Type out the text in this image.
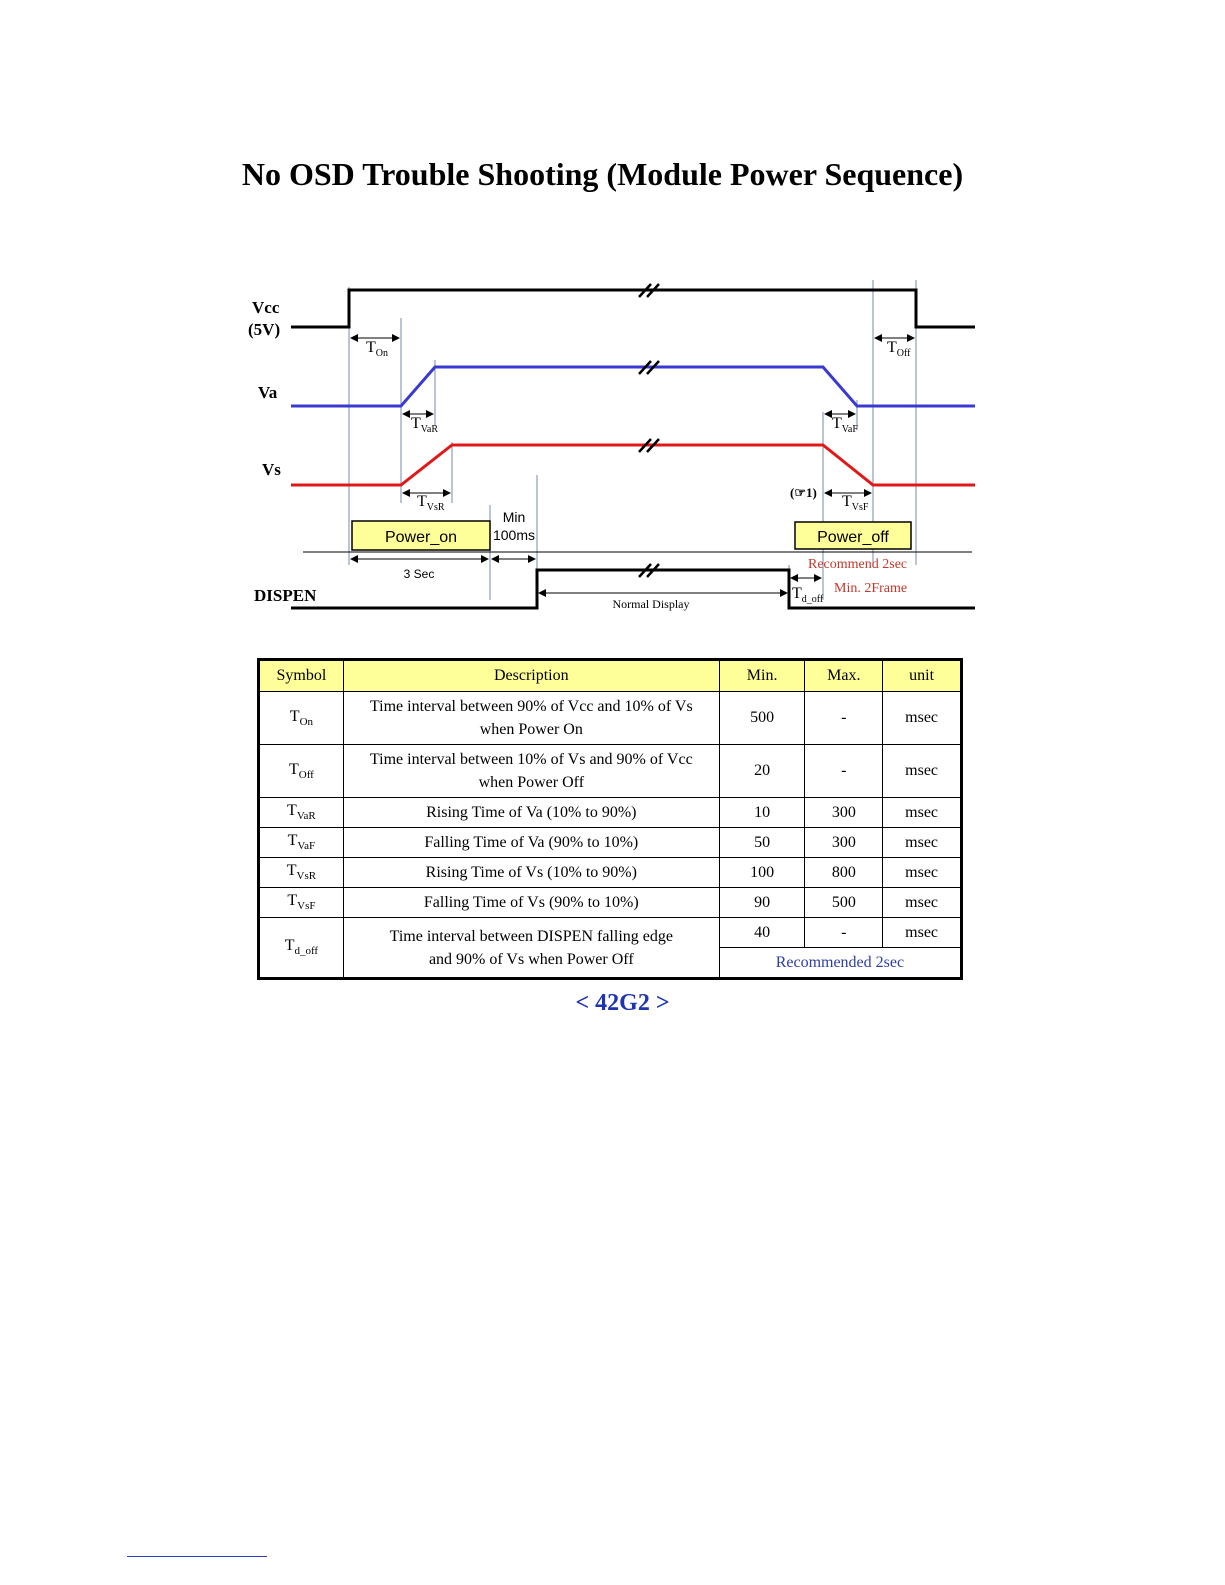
No OSD Trouble Shooting (Module Power Sequence)
Vcc
(5V)
Va
Vs
DISPEN
$T_{On}$	$T_{Off}$
$T_{VaR}$	$T_{VaF}$
$T_{VsR}$	$T_{VsF}$
$T_{d\_off}$
Power_on	Power_off
Min
100ms
3 Sec
Normal Display
(☞1)
Recommend 2sec
Min. 2Frame
Symbol	Description	Min.	Max.	unit
$T_{On}$	Time interval between 90% of Vcc and 10% of Vs
when Power On	500	-	msec
$T_{Off}$	Time interval between 10% of Vs and 90% of Vcc
when Power Off	20	-	msec
$T_{VaR}$	Rising Time of Va (10% to 90%)	10	300	msec
$T_{VaF}$	Falling Time of Va (90% to 10%)	50	300	msec
$T_{VsR}$	Rising Time of Vs (10% to 90%)	100	800	msec
$T_{VsF}$	Falling Time of Vs (90% to 10%)	90	500	msec
$T_{d\_off}$	Time interval between DISPEN falling edge
and 90% of Vs when Power Off	40	-	msec
		Recommended 2sec		
< 42G2 >
